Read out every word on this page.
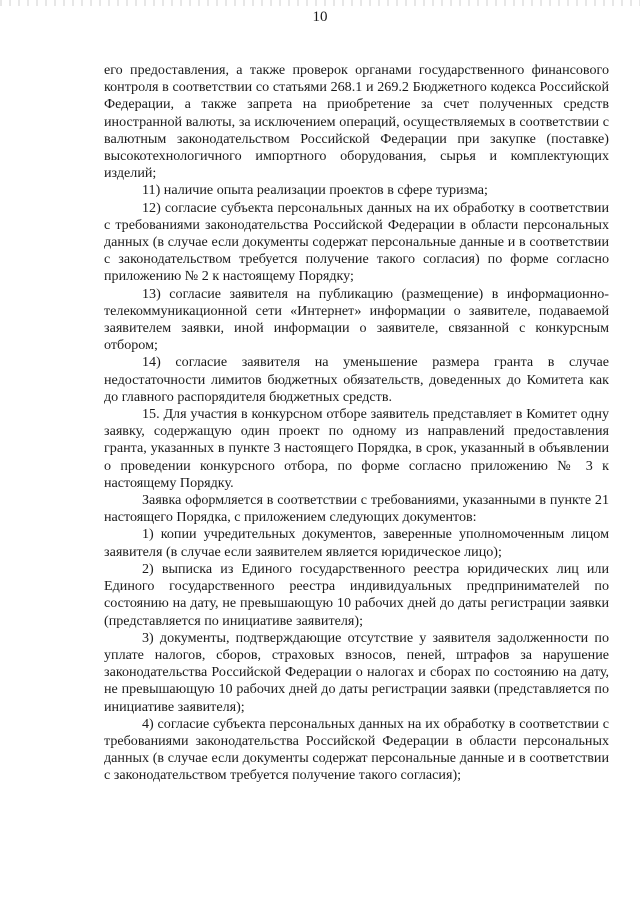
10

его предоставления, а также проверок органами государственного финансового контроля в соответствии со статьями 268.1 и 269.2 Бюджетного кодекса Российской Федерации, а также запрета на приобретение за счет полученных средств иностранной валюты, за исключением операций, осуществляемых в соответствии с валютным законодательством Российской Федерации при закупке (поставке) высокотехнологичного импортного оборудования, сырья и комплектующих изделий;

11) наличие опыта реализации проектов в сфере туризма;

12) согласие субъекта персональных данных на их обработку в соответствии с требованиями законодательства Российской Федерации в области персональных данных (в случае если документы содержат персональные данные и в соответствии с законодательством требуется получение такого согласия) по форме согласно приложению № 2 к настоящему Порядку;

13) согласие заявителя на публикацию (размещение) в информационно-телекоммуникационной сети «Интернет» информации о заявителе, подаваемой заявителем заявки, иной информации о заявителе, связанной с конкурсным отбором;

14) согласие заявителя на уменьшение размера гранта в случае недостаточности лимитов бюджетных обязательств, доведенных до Комитета как до главного распорядителя бюджетных средств.

15. Для участия в конкурсном отборе заявитель представляет в Комитет одну заявку, содержащую один проект по одному из направлений предоставления гранта, указанных в пункте 3 настоящего Порядка, в срок, указанный в объявлении о проведении конкурсного отбора, по форме согласно приложению № 3 к настоящему Порядку.

Заявка оформляется в соответствии с требованиями, указанными в пункте 21 настоящего Порядка, с приложением следующих документов:

1) копии учредительных документов, заверенные уполномоченным лицом заявителя (в случае если заявителем является юридическое лицо);

2) выписка из Единого государственного реестра юридических лиц или Единого государственного реестра индивидуальных предпринимателей по состоянию на дату, не превышающую 10 рабочих дней до даты регистрации заявки (представляется по инициативе заявителя);

3) документы, подтверждающие отсутствие у заявителя задолженности по уплате налогов, сборов, страховых взносов, пеней, штрафов за нарушение законодательства Российской Федерации о налогах и сборах по состоянию на дату, не превышающую 10 рабочих дней до даты регистрации заявки (представляется по инициативе заявителя);

4) согласие субъекта персональных данных на их обработку в соответствии с требованиями законодательства Российской Федерации в области персональных данных (в случае если документы содержат персональные данные и в соответствии с законодательством требуется получение такого согласия);
